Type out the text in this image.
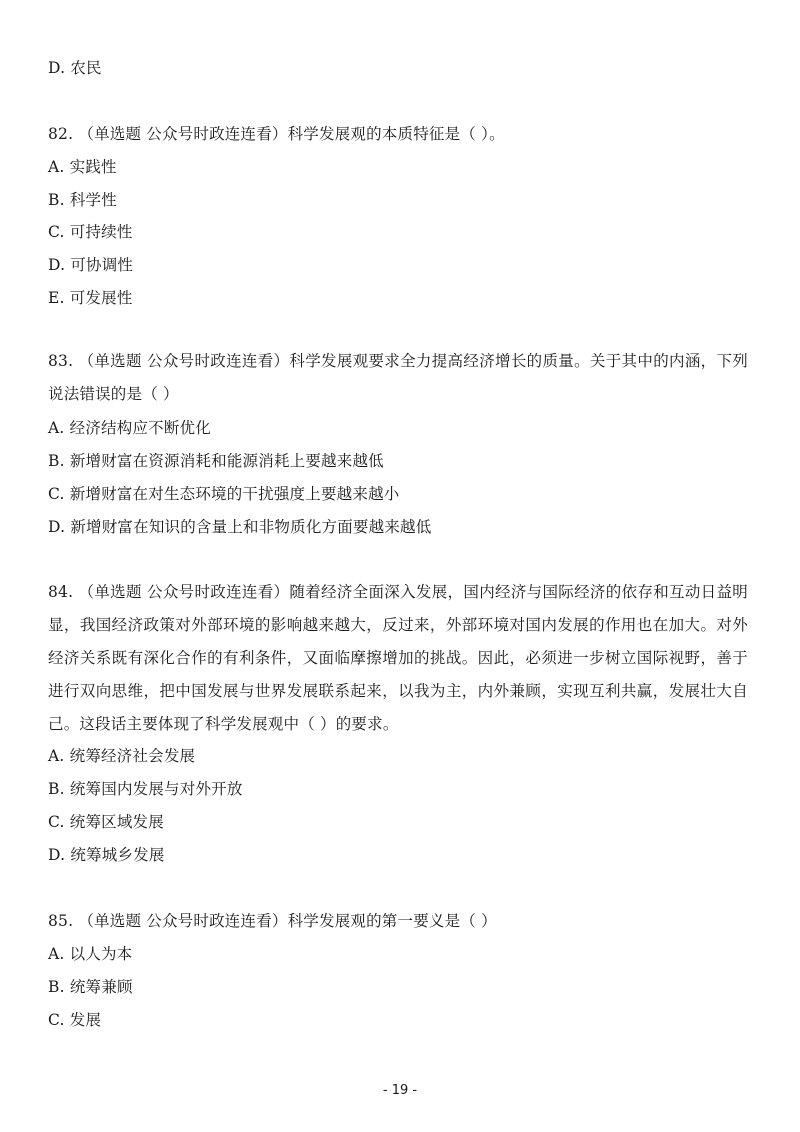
D. 农民
82. （单选题 公众号时政连连看）科学发展观的本质特征是（ ）。
A. 实践性
B. 科学性
C. 可持续性
D. 可协调性
E. 可发展性
83. （单选题 公众号时政连连看）科学发展观要求全力提高经济增长的质量。关于其中的内涵，下列说法错误的是（ ）
A. 经济结构应不断优化
B. 新增财富在资源消耗和能源消耗上要越来越低
C. 新增财富在对生态环境的干扰强度上要越来越小
D. 新增财富在知识的含量上和非物质化方面要越来越低
84. （单选题 公众号时政连连看）随着经济全面深入发展，国内经济与国际经济的依存和互动日益明显，我国经济政策对外部环境的影响越来越大，反过来，外部环境对国内发展的作用也在加大。对外经济关系既有深化合作的有利条件，又面临摩擦增加的挑战。因此，必须进一步树立国际视野，善于进行双向思维，把中国发展与世界发展联系起来，以我为主，内外兼顾，实现互利共赢，发展壮大自己。这段话主要体现了科学发展观中（ ）的要求。
A. 统筹经济社会发展
B. 统筹国内发展与对外开放
C. 统筹区域发展
D. 统筹城乡发展
85. （单选题 公众号时政连连看）科学发展观的第一要义是（ ）
A. 以人为本
B. 统筹兼顾
C. 发展
- 19 -
